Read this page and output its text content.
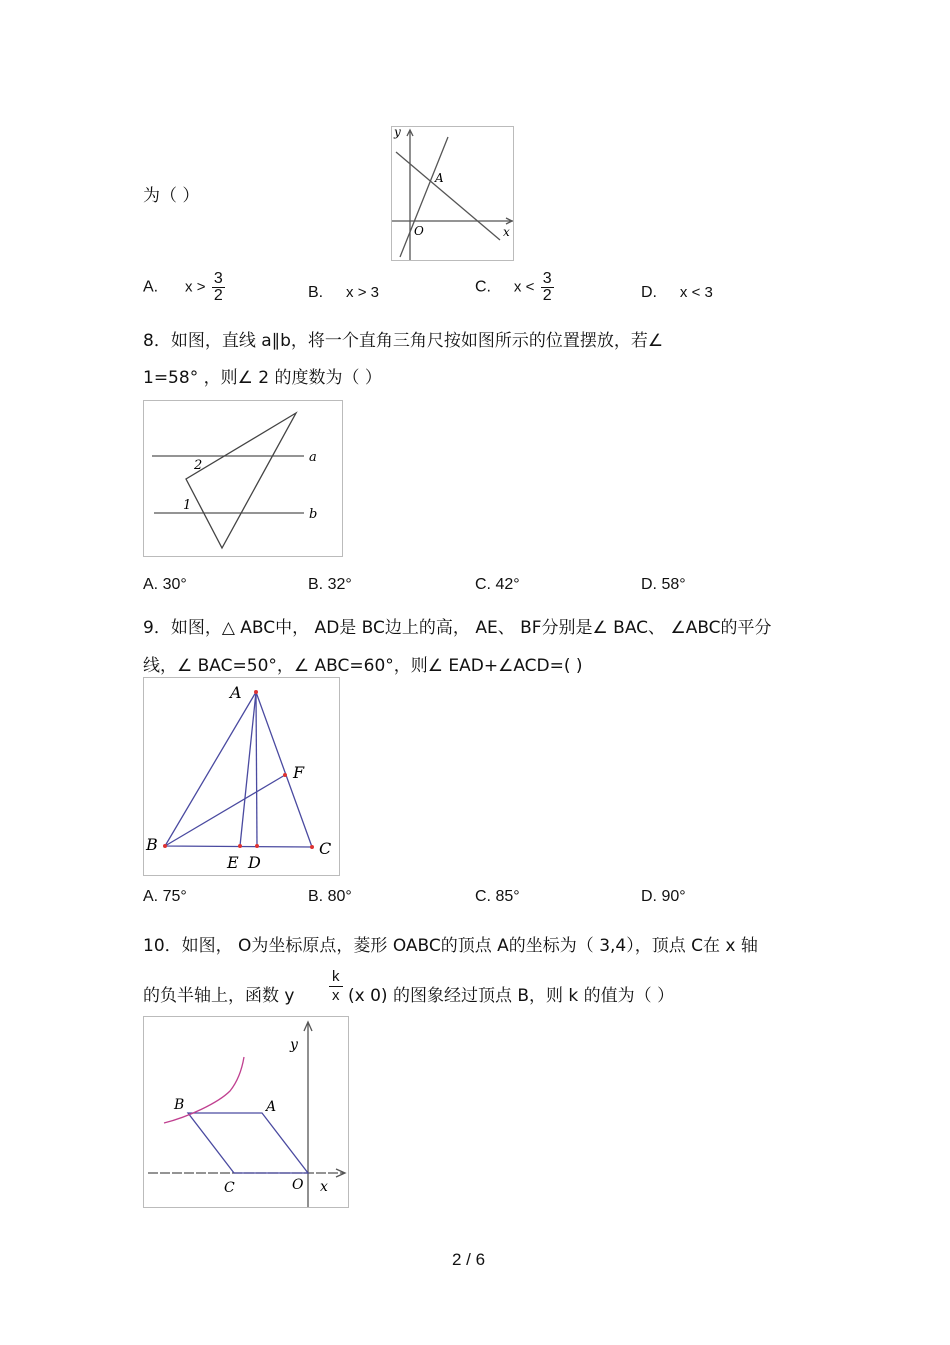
为（ ）
y
x
O
A
A. $x > \frac{3}{2}$	B. x > 3	C. $x < \frac{3}{2}$	D. x < 3
8．如图，直线 a∥b，将一个直角三角尺按如图所示的位置摆放，若∠
1=58° ，则∠ 2 的度数为（ ）
a
b
1
2
A. 30°	B. 32°	C. 42°	D. 58°
9．如图，△ ABC中， AD是 BC边上的高， AE、 BF分别是∠ BAC、 ∠ABC的平分
线，∠ BAC=50°，∠ ABC=60°，则∠ EAD+∠ACD=( )
A
B	C
D
E
F
A. 75°	B. 80°	C. 85°	D. 90°
10．如图， O为坐标原点，菱形 OABC的顶点 A的坐标为（ 3,4），顶点 C在 x 轴
的负半轴上，函数 y $\frac{k}{x} (x$ 0) 的图象经过顶点 B，则 k 的值为（ ）
y
x
O
A
B
C
2 / 6
